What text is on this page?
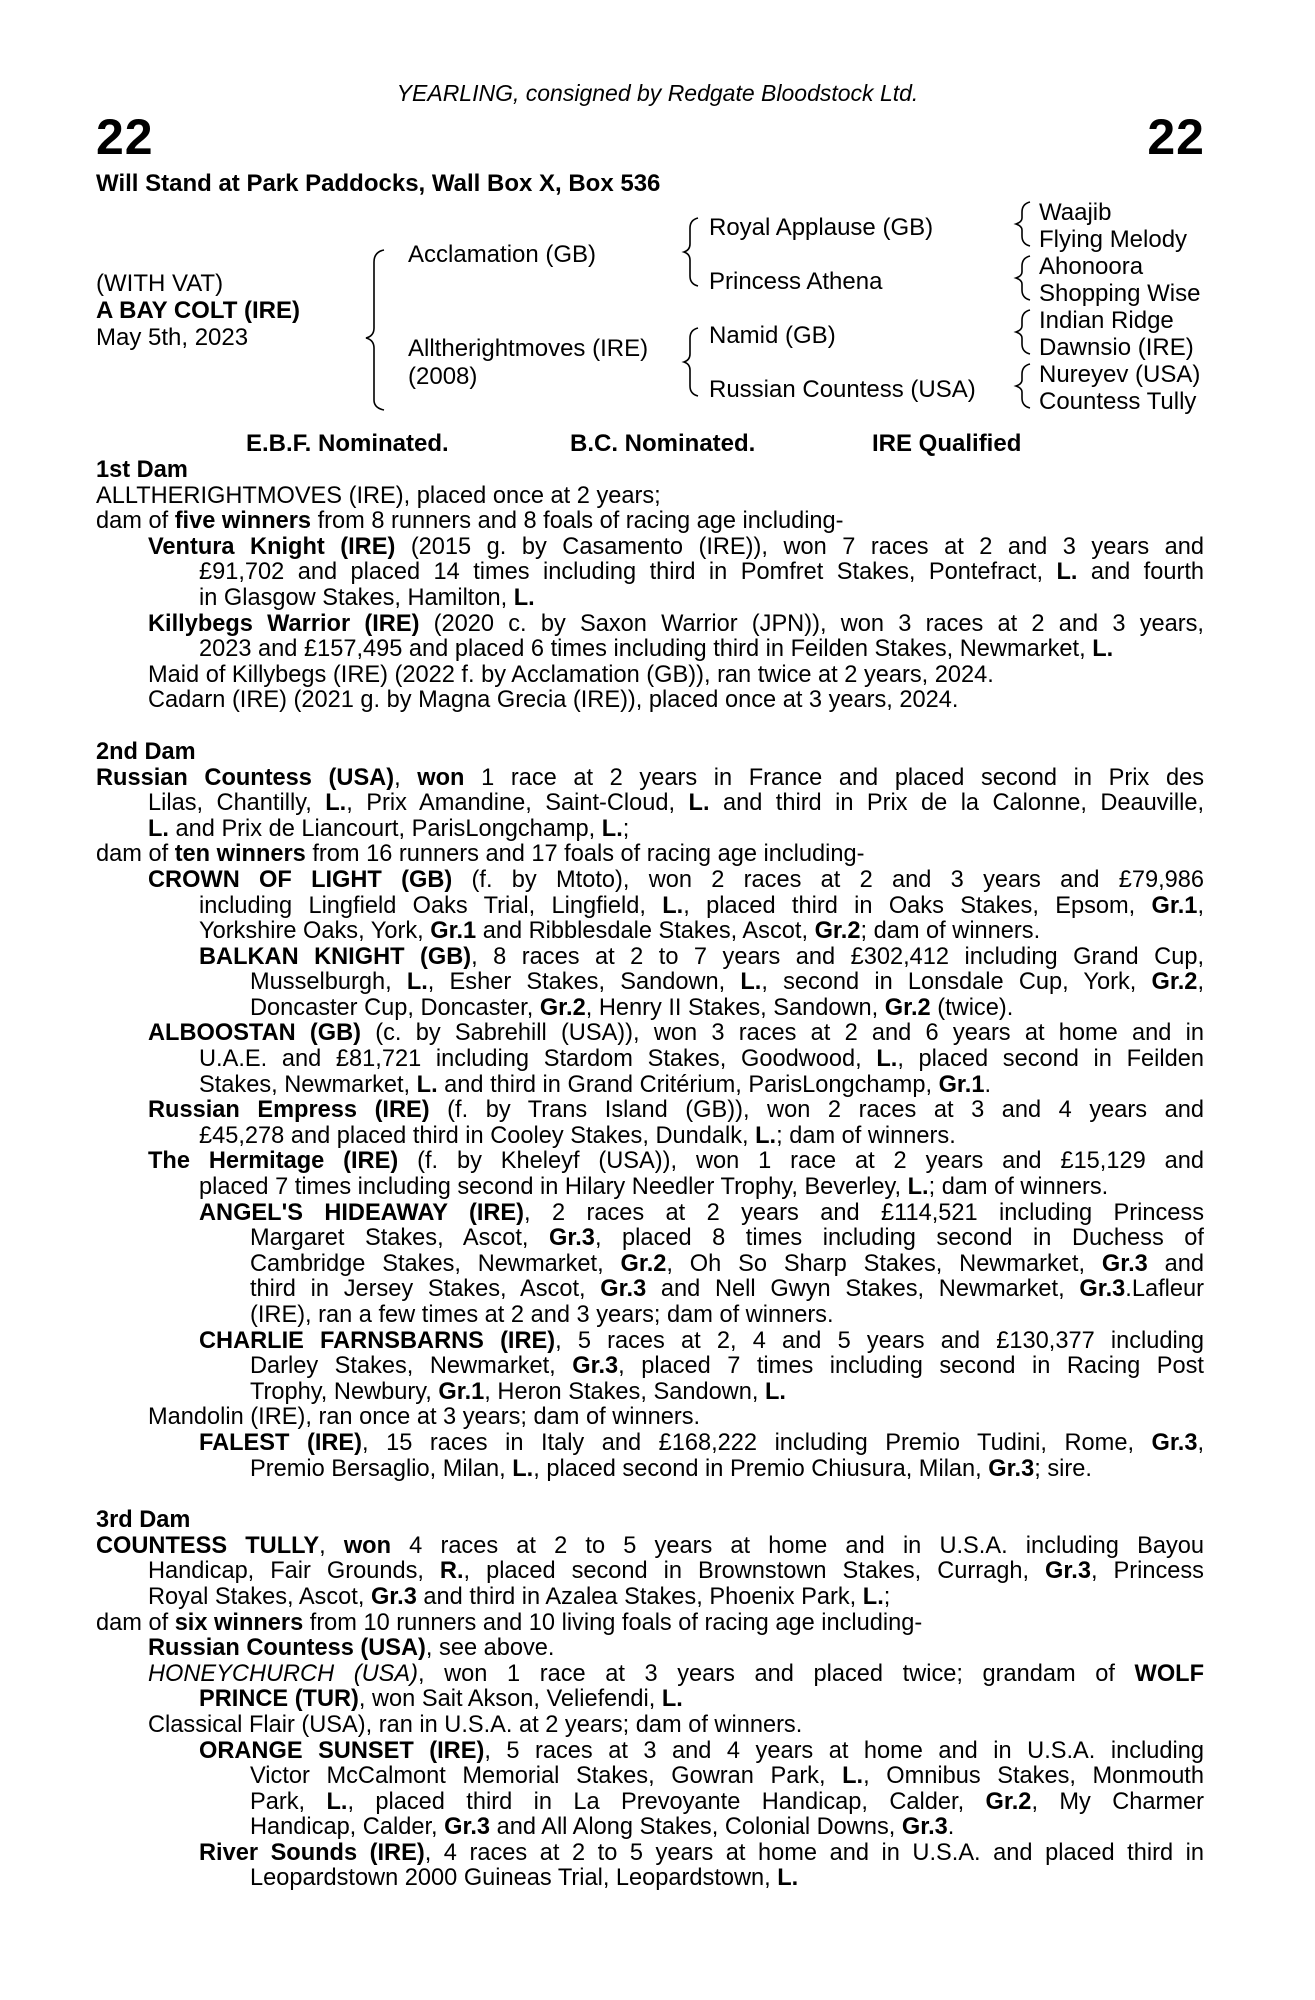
YEARLING, consigned by Redgate Bloodstock Ltd.
22	22
Will Stand at Park Paddocks, Wall Box X, Box 536
(WITH VAT)
A BAY COLT (IRE)
May 5th, 2023
Acclamation (GB)
Alltherightmoves (IRE)
(2008)
Royal Applause (GB)
Princess Athena
Namid (GB)
Russian Countess (USA)
Waajib
Flying Melody
Ahonoora
Shopping Wise
Indian Ridge
Dawnsio (IRE)
Nureyev (USA)
Countess Tully
E.B.F. Nominated.	B.C. Nominated.	IRE Qualified
1st Dam
ALLTHERIGHTMOVES (IRE), placed once at 2 years;
dam of five winners from 8 runners and 8 foals of racing age including-
Ventura Knight (IRE) (2015 g. by Casamento (IRE)), won 7 races at 2 and 3 years and
£91,702 and placed 14 times including third in Pomfret Stakes, Pontefract, L. and fourth
in Glasgow Stakes, Hamilton, L.
Killybegs Warrior (IRE) (2020 c. by Saxon Warrior (JPN)), won 3 races at 2 and 3 years,
2023 and £157,495 and placed 6 times including third in Feilden Stakes, Newmarket, L.
Maid of Killybegs (IRE) (2022 f. by Acclamation (GB)), ran twice at 2 years, 2024.
Cadarn (IRE) (2021 g. by Magna Grecia (IRE)), placed once at 3 years, 2024.
2nd Dam
Russian Countess (USA), won 1 race at 2 years in France and placed second in Prix des
Lilas, Chantilly, L., Prix Amandine, Saint-Cloud, L. and third in Prix de la Calonne, Deauville,
L. and Prix de Liancourt, ParisLongchamp, L.;
dam of ten winners from 16 runners and 17 foals of racing age including-
CROWN OF LIGHT (GB) (f. by Mtoto), won 2 races at 2 and 3 years and £79,986
including Lingfield Oaks Trial, Lingfield, L., placed third in Oaks Stakes, Epsom, Gr.1,
Yorkshire Oaks, York, Gr.1 and Ribblesdale Stakes, Ascot, Gr.2; dam of winners.
BALKAN KNIGHT (GB), 8 races at 2 to 7 years and £302,412 including Grand Cup,
Musselburgh, L., Esher Stakes, Sandown, L., second in Lonsdale Cup, York, Gr.2,
Doncaster Cup, Doncaster, Gr.2, Henry II Stakes, Sandown, Gr.2 (twice).
ALBOOSTAN (GB) (c. by Sabrehill (USA)), won 3 races at 2 and 6 years at home and in
U.A.E. and £81,721 including Stardom Stakes, Goodwood, L., placed second in Feilden
Stakes, Newmarket, L. and third in Grand Critérium, ParisLongchamp, Gr.1.
Russian Empress (IRE) (f. by Trans Island (GB)), won 2 races at 3 and 4 years and
£45,278 and placed third in Cooley Stakes, Dundalk, L.; dam of winners.
The Hermitage (IRE) (f. by Kheleyf (USA)), won 1 race at 2 years and £15,129 and
placed 7 times including second in Hilary Needler Trophy, Beverley, L.; dam of winners.
ANGEL'S HIDEAWAY (IRE), 2 races at 2 years and £114,521 including Princess
Margaret Stakes, Ascot, Gr.3, placed 8 times including second in Duchess of
Cambridge Stakes, Newmarket, Gr.2, Oh So Sharp Stakes, Newmarket, Gr.3 and
third in Jersey Stakes, Ascot, Gr.3 and Nell Gwyn Stakes, Newmarket, Gr.3.Lafleur
(IRE), ran a few times at 2 and 3 years; dam of winners.
CHARLIE FARNSBARNS (IRE), 5 races at 2, 4 and 5 years and £130,377 including
Darley Stakes, Newmarket, Gr.3, placed 7 times including second in Racing Post
Trophy, Newbury, Gr.1, Heron Stakes, Sandown, L.
Mandolin (IRE), ran once at 3 years; dam of winners.
FALEST (IRE), 15 races in Italy and £168,222 including Premio Tudini, Rome, Gr.3,
Premio Bersaglio, Milan, L., placed second in Premio Chiusura, Milan, Gr.3; sire.
3rd Dam
COUNTESS TULLY, won 4 races at 2 to 5 years at home and in U.S.A. including Bayou
Handicap, Fair Grounds, R., placed second in Brownstown Stakes, Curragh, Gr.3, Princess
Royal Stakes, Ascot, Gr.3 and third in Azalea Stakes, Phoenix Park, L.;
dam of six winners from 10 runners and 10 living foals of racing age including-
Russian Countess (USA), see above.
HONEYCHURCH (USA), won 1 race at 3 years and placed twice; grandam of WOLF
PRINCE (TUR), won Sait Akson, Veliefendi, L.
Classical Flair (USA), ran in U.S.A. at 2 years; dam of winners.
ORANGE SUNSET (IRE), 5 races at 3 and 4 years at home and in U.S.A. including
Victor McCalmont Memorial Stakes, Gowran Park, L., Omnibus Stakes, Monmouth
Park, L., placed third in La Prevoyante Handicap, Calder, Gr.2, My Charmer
Handicap, Calder, Gr.3 and All Along Stakes, Colonial Downs, Gr.3.
River Sounds (IRE), 4 races at 2 to 5 years at home and in U.S.A. and placed third in
Leopardstown 2000 Guineas Trial, Leopardstown, L.
